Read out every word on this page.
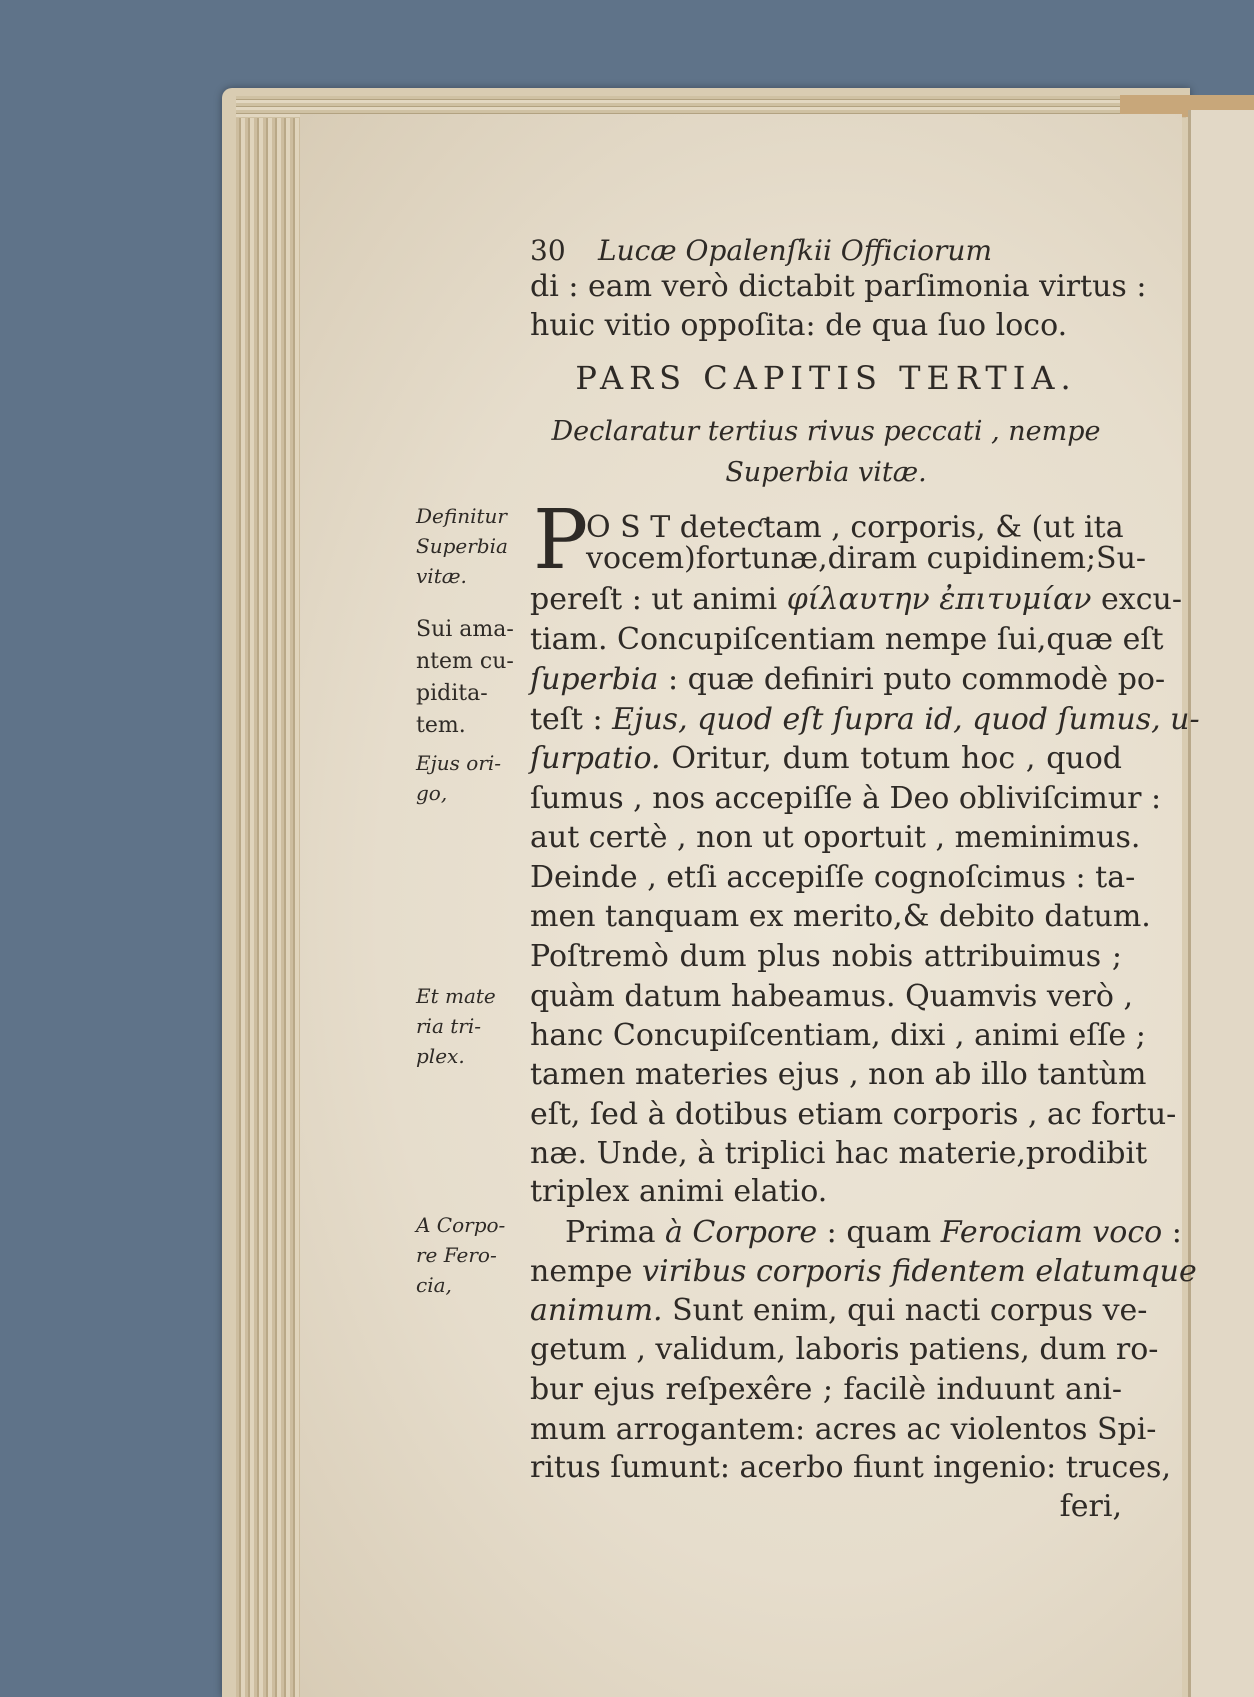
30 Lucæ Opalenſkii Officiorum
PARS CAPITIS TERTIA.
Declaratur tertius rivus peccati , nempe
Superbia vitæ.
P
di : eam verò dictabit parſimonia virtus :
huic vitio oppoſita: de qua ſuo loco.
O S T deteƈtam , corporis, & (ut ita
vocem)fortunæ,diram cupidinem;Su-
pereſt : ut animi φίλαυτην ἐπιτυμίαν excu-
tiam. Concupiſcentiam nempe ſui,quæ eſt
ſuperbia : quæ definiri puto commodè po-
teſt : Ejus, quod eſt ſupra id, quod ſumus, u-
ſurpatio. Oritur, dum totum hoc , quod
ſumus , nos accepiſſe à Deo obliviſcimur :
aut certè , non ut oportuit , meminimus.
Deinde , etſi accepiſſe cognoſcimus : ta-
men tanquam ex merito,& debito datum.
Poſtremò dum plus nobis attribuimus ;
quàm datum habeamus. Quamvis verò ,
hanc Concupiſcentiam, dixi , animi eſſe ;
tamen materies ejus , non ab illo tantùm
eſt, ſed à dotibus etiam corporis , ac fortu-
næ. Unde, à triplici hac materie,prodibit
triplex animi elatio.
Prima à Corpore : quam Ferociam voco :
nempe viribus corporis fidentem elatumque
animum. Sunt enim, qui nacti corpus ve-
getum , validum, laboris patiens, dum ro-
bur ejus reſpexêre ; facilè induunt ani-
mum arrogantem: acres ac violentos Spi-
ritus ſumunt: acerbo fiunt ingenio: truces,
feri,
Definitur
Superbia
vitæ.
Sui ama-
ntem cu-
pidita-
tem.
Ejus ori-
go,
Et mate
ria tri-
plex.
A Corpo-
re Fero-
cia,
